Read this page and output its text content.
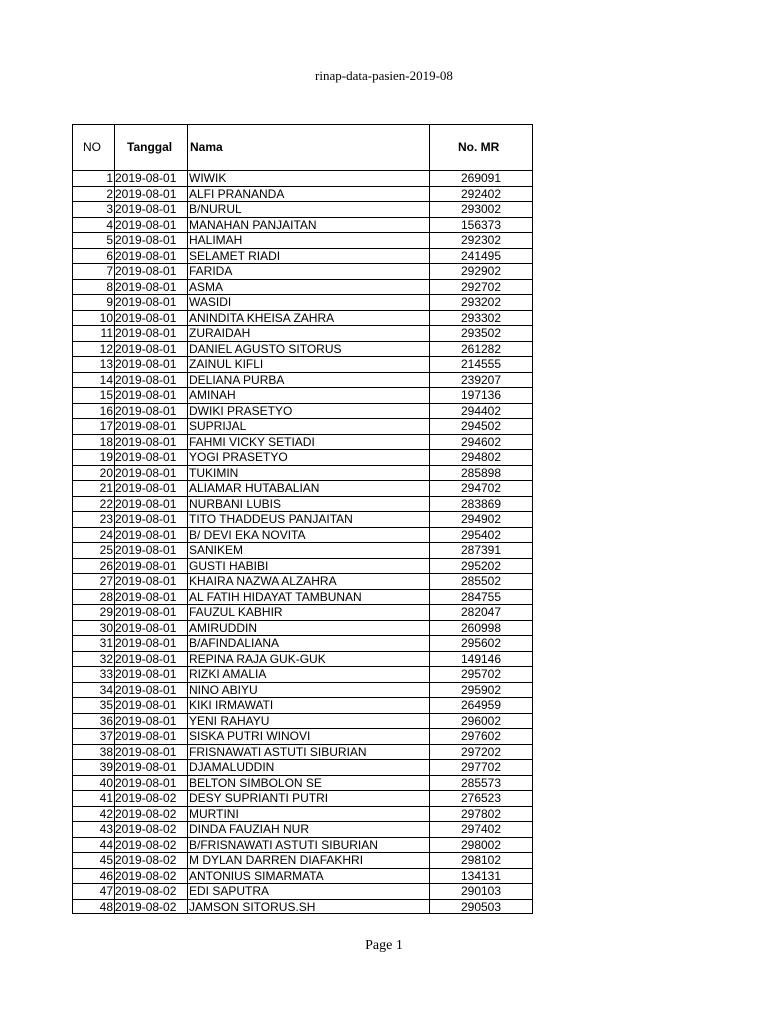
rinap-data-pasien-2019-08
NO Tanggal Nama	No. MR
1 2019-08-01	WIWIK	269091
2 2019-08-01	ALFI PRANANDA	292402
3 2019-08-01	B/NURUL	293002
4 2019-08-01	MANAHAN PANJAITAN	156373
5 2019-08-01	HALIMAH	292302
6 2019-08-01	SELAMET RIADI	241495
7 2019-08-01	FARIDA	292902
8 2019-08-01	ASMA	292702
9 2019-08-01	WASIDI	293202
10 2019-08-01	ANINDITA KHEISA ZAHRA	293302
11 2019-08-01	ZURAIDAH	293502
12 2019-08-01	DANIEL AGUSTO SITORUS	261282
13 2019-08-01	ZAINUL KIFLI	214555
14 2019-08-01	DELIANA PURBA	239207
15 2019-08-01	AMINAH	197136
16 2019-08-01	DWIKI PRASETYO	294402
17 2019-08-01	SUPRIJAL	294502
18 2019-08-01	FAHMI VICKY SETIADI	294602
19 2019-08-01	YOGI PRASETYO	294802
20 2019-08-01	TUKIMIN	285898
21 2019-08-01	ALIAMAR HUTABALIAN	294702
22 2019-08-01	NURBANI LUBIS	283869
23 2019-08-01	TITO THADDEUS PANJAITAN	294902
24 2019-08-01	B/ DEVI EKA NOVITA	295402
25 2019-08-01	SANIKEM	287391
26 2019-08-01	GUSTI HABIBI	295202
27 2019-08-01	KHAIRA NAZWA ALZAHRA	285502
28 2019-08-01	AL FATIH HIDAYAT TAMBUNAN	284755
29 2019-08-01	FAUZUL KABHIR	282047
30 2019-08-01	AMIRUDDIN	260998
31 2019-08-01	B/AFINDALIANA	295602
32 2019-08-01	REPINA RAJA GUK-GUK	149146
33 2019-08-01	RIZKI AMALIA	295702
34 2019-08-01	NINO ABIYU	295902
35 2019-08-01	KIKI IRMAWATI	264959
36 2019-08-01	YENI RAHAYU	296002
37 2019-08-01	SISKA PUTRI WINOVI	297602
38 2019-08-01	FRISNAWATI ASTUTI SIBURIAN	297202
39 2019-08-01	DJAMALUDDIN	297702
40 2019-08-01	BELTON SIMBOLON SE	285573
41 2019-08-02	DESY SUPRIANTI PUTRI	276523
42 2019-08-02	MURTINI	297802
43 2019-08-02	DINDA FAUZIAH NUR	297402
44 2019-08-02	B/FRISNAWATI ASTUTI SIBURIAN	298002
45 2019-08-02	M DYLAN DARREN DIAFAKHRI	298102
46 2019-08-02	ANTONIUS SIMARMATA	134131
47 2019-08-02	EDI SAPUTRA	290103
48 2019-08-02	JAMSON SITORUS.SH	290503
Page 1
